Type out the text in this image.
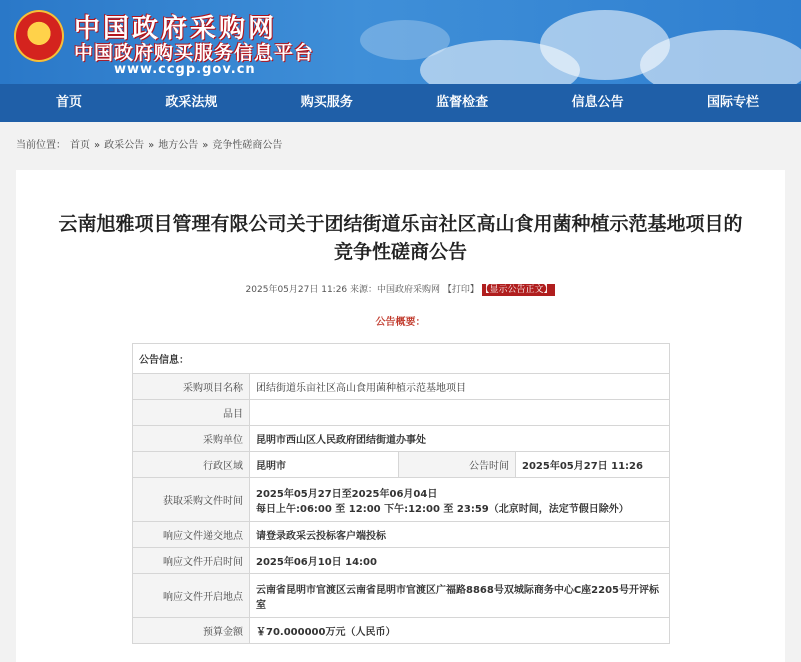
中国政府采购网
中国政府购买服务信息平台
www.ccgp.gov.cn
首页	政采法规	购买服务	监督检查	信息公告	国际专栏
当前位置： 首页 » 政采公告 » 地方公告 » 竞争性磋商公告
云南旭雅项目管理有限公司关于团结街道乐亩社区高山食用菌种植示范基地项目的
竞争性磋商公告
2025年05月27日 11:26 来源：中国政府采购网 【打印】 【显示公告正文】
公告概要：
公告信息：			
采购项目名称	团结街道乐亩社区高山食用菌种植示范基地项目		
品目			
采购单位	昆明市西山区人民政府团结街道办事处		
行政区域	昆明市	公告时间	2025年05月27日 11:26
获取采购文件时间	2025年05月27日至2025年06月04日
每日上午:06:00 至 12:00 下午:12:00 至 23:59（北京时间，法定节假日除外）		

响应文件递交地点	请登录政采云投标客户端投标		
响应文件开启时间	2025年06月10日 14:00		
响应文件开启地点	云南省昆明市官渡区云南省昆明市官渡区广福路8868号双城际商务中心C座2205号开评标室		
预算金额	￥70.000000万元（人民币）		
